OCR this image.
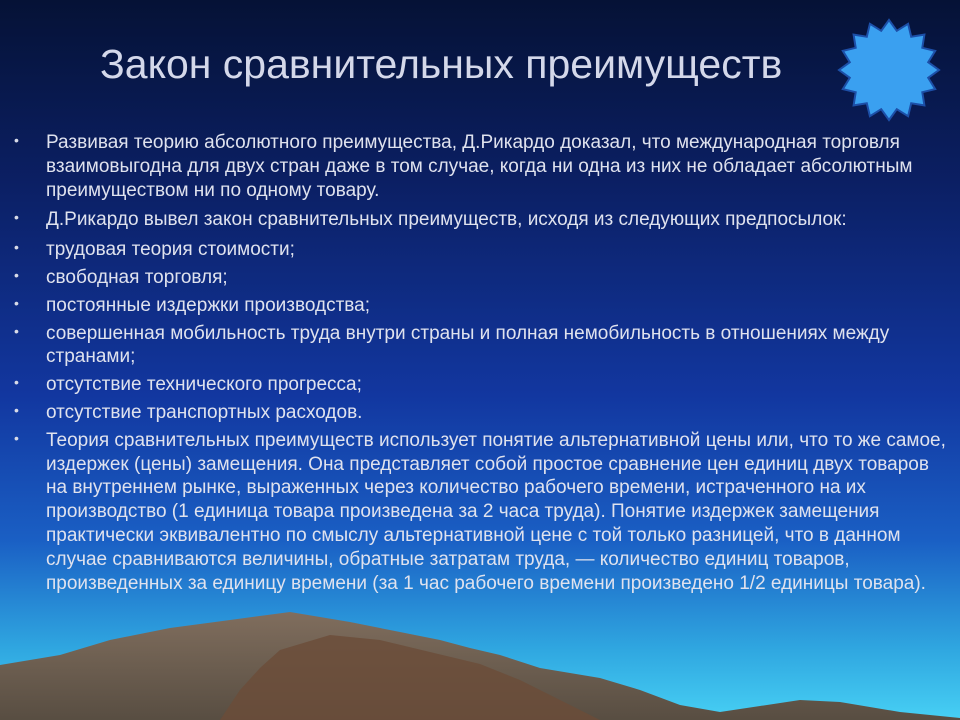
Закон сравнительных преимуществ
• Развивая теорию абсолютного преимущества, Д.Рикардо доказал, что международная торговля взаимовыгодна для двух стран даже в том случае, когда ни одна из них не обладает абсолютным преимуществом ни по одному товару.
• Д.Рикардо вывел закон сравнительных преимуществ, исходя из следующих предпосылок:
• трудовая теория стоимости;
• свободная торговля;
• постоянные издержки производства;
• совершенная мобильность труда внутри страны и полная немобильность в отношениях между странами;
• отсутствие технического прогресса;
• отсутствие транспортных расходов.
• Теория сравнительных преимуществ использует понятие альтернативной цены или, что то же самое, издержек (цены) замещения. Она представляет собой простое сравнение цен единиц двух товаров на внутреннем рынке, выраженных через количество рабочего времени, истраченного на их производство (1 единица товара произведена за 2 часа труда). Понятие издержек замещения практически эквивалентно по смыслу альтернативной цене с той только разницей, что в данном случае сравниваются величины, обратные затратам труда, — количество единиц товаров, произведенных за единицу времени (за 1 час рабочего времени произведено 1/2 единицы товара).
